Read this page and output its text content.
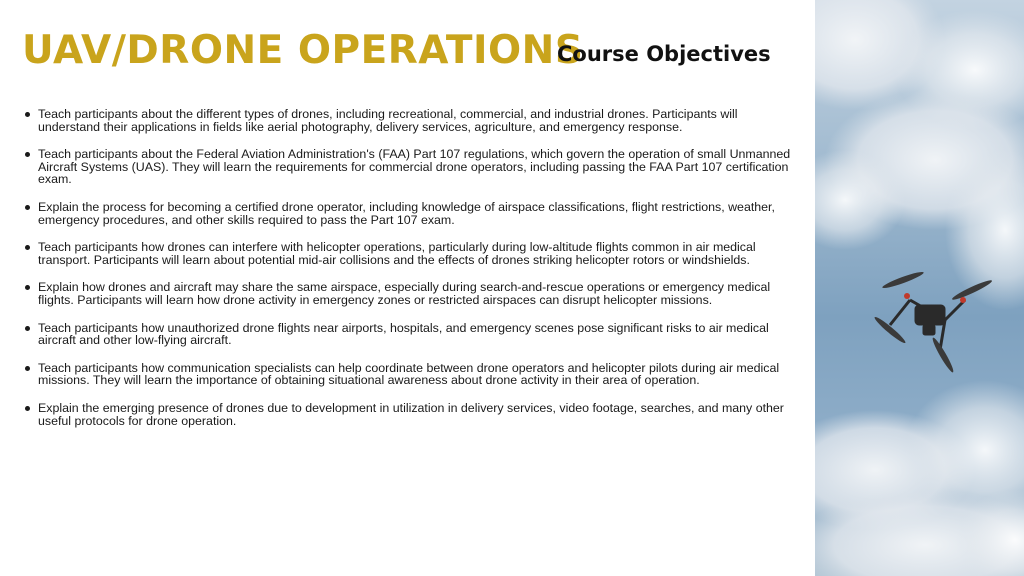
UAV/DRONE OPERATIONS
Course Objectives
Teach participants about the different types of drones, including recreational, commercial, and industrial drones. Participants will understand their applications in fields like aerial photography, delivery services, agriculture, and emergency response.
Teach participants about the Federal Aviation Administration's (FAA) Part 107 regulations, which govern the operation of small Unmanned Aircraft Systems (UAS). They will learn the requirements for commercial drone operators, including passing the FAA Part 107 certification exam.
Explain the process for becoming a certified drone operator, including knowledge of airspace classifications, flight restrictions, weather, emergency procedures, and other skills required to pass the Part 107 exam.
Teach participants how drones can interfere with helicopter operations, particularly during low-altitude flights common in air medical transport. Participants will learn about potential mid-air collisions and the effects of drones striking helicopter rotors or windshields.
Explain how drones and aircraft may share the same airspace, especially during search-and-rescue operations or emergency medical flights. Participants will learn how drone activity in emergency zones or restricted airspaces can disrupt helicopter missions.
Teach participants how unauthorized drone flights near airports, hospitals, and emergency scenes pose significant risks to air medical aircraft and other low-flying aircraft.
Teach participants how communication specialists can help coordinate between drone operators and helicopter pilots during air medical missions. They will learn the importance of obtaining situational awareness about drone activity in their area of operation.
Explain the emerging presence of drones due to development in utilization in delivery services, video footage, searches, and many other useful protocols for drone operation.
